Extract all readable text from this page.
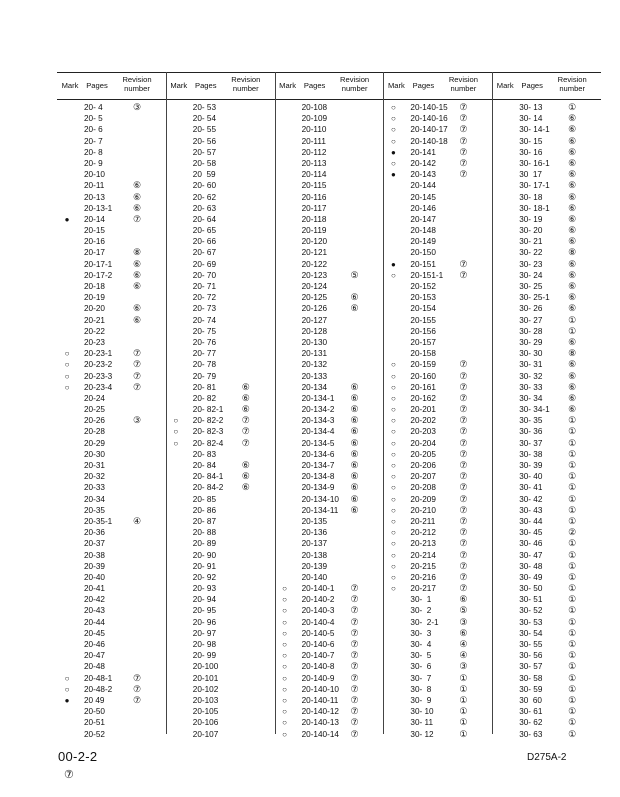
Mark	Pages
Revision
number
20- 4	③
20- 5
20- 6
20- 7
20- 8
20- 9
20-10
20-11	⑥
20-13	⑥
20-13-1 ⑥
●	20-14	⑦
20-15
20-16
20-17	⑧
20-17-1 ⑥
20-17-2 ⑥
20-18	⑥
20-19
20-20	⑥
20-21	⑥
20-22
20-23
○	20-23-1 ⑦
○	20-23-2 ⑦
○	20-23-3 ⑦
○	20-23-4 ⑦
20-24
20-25
20-26	③
20-28
20-29
20-30
20-31
20-32
20-33
20-34
20-35
20-35-1 ④
20-36
20-37
20-38
20-39
20-40
20-41
20-42
20-43
20-44
20-45
20-46
20-47
20-48
○	20-48-1 ⑦
○	20-48-2 ⑦
●	20 49	⑦
20-50
20-51
20-52
Mark	Pages
Revision
number
20- 53
20- 54
20- 55
20- 56
20- 57
20- 58
20  59
20- 60
20- 62
20- 63
20- 64
20- 65
20- 66
20- 67
20- 69
20- 70
20- 71
20- 72
20- 73
20- 74
20- 75
20- 76
20- 77
20- 78
20- 79
20- 81	⑥
20- 82	⑥
20- 82-1 ⑥
○	20- 82-2 ⑦
○	20- 82-3 ⑦
○	20- 82-4 ⑦
20- 83
20- 84	⑥
20- 84-1 ⑥
20- 84-2 ⑥
20- 85
20- 86
20- 87
20- 88
20- 89
20- 90
20- 91
20- 92
20- 93
20- 94
20- 95
20- 96
20- 97
20- 98
20- 99
20-100
20-101
20-102
20-103
20-105
20-106
20-107
Mark	Pages
Revision
number
20-108
20-109
20-110
20-111
20-112
20-113
20-114
20-115
20-116
20-117
20-118
20-119
20-120
20-121
20-122
20-123	⑤
20-124
20-125	⑥
20-126	⑥
20-127
20-128
20-130
20-131
20-132
20-133
20-134	⑥
20-134-1 ⑥
20-134-2 ⑥
20-134-3 ⑥
20-134-4 ⑥
20-134-5 ⑥
20-134-6 ⑥
20-134-7 ⑥
20-134-8 ⑥
20-134-9 ⑥
20-134-10 ⑥
20-134-11 ⑥
20-135
20-136
20-137
20-138
20-139
20-140
○	20-140-1 ⑦
○	20-140-2 ⑦
○	20-140-3 ⑦
○	20-140-4 ⑦
○	20-140-5 ⑦
○	20-140-6 ⑦
○	20-140-7 ⑦
○	20-140-8 ⑦
○	20-140-9 ⑦
○	20-140-10 ⑦
○	20-140-11 ⑦
○	20-140-12 ⑦
○	20-140-13 ⑦
○	20-140-14 ⑦
Mark	Pages
Revision
number
○	20-140-15 ⑦
○	20-140-16 ⑦
○	20-140-17 ⑦
○	20-140-18 ⑦
●	20-141	⑦
○	20-142	⑦
●	20-143	⑦
20-144
20-145
20-146
20-147
20-148
20-149
20-150
●	20-151	⑦
○	20-151-1 ⑦
20-152
20-153
20-154
20-155
20-156
20-157
20-158
○	20-159	⑦
○	20-160	⑦
○	20-161	⑦
○	20-162	⑦
○	20-201	⑦
○	20-202	⑦
○	20-203	⑦
○	20-204	⑦
○	20-205	⑦
○	20-206	⑦
○	20-207	⑦
○	20-208	⑦
○	20-209	⑦
○	20-210	⑦
○	20-211	⑦
○	20-212	⑦
○	20-213	⑦
○	20-214	⑦
○	20-215	⑦
○	20-216	⑦
○	20-217	⑦
30-  1	⑥
30-  2	⑤
30-  2-1 ③
30-  3	⑥
30-  4	④
30-  5	④
30-  6	③
30-  7	①
30-  8	①
30-  9	①
30- 10	①
30- 11	①
30- 12	①
Mark	Pages
Revision
number
30- 13	①
30- 14	⑥
30- 14-1 ⑥
30- 15	⑥
30- 16	⑥
30- 16-1 ⑥
30  17	⑥
30- 17-1 ⑥
30- 18	⑥
30- 18-1 ⑥
30- 19	⑥
30- 20	⑥
30- 21	⑥
30- 22	⑧
30- 23	⑥
30- 24	⑥
30- 25	⑥
30- 25-1 ⑥
30- 26	⑥
30- 27	①
30- 28	①
30- 29	⑥
30- 30	⑧
30- 31	⑥
30- 32	⑥
30- 33	⑥
30- 34	⑥
30- 34-1 ⑥
30- 35	①
30- 36	①
30- 37	①
30- 38	①
30- 39	①
30- 40	①
30- 41	①
30- 42	①
30- 43	①
30- 44	①
30- 45	②
30- 46	①
30- 47	①
30- 48	①
30- 49	①
30- 50	①
30- 51	①
30- 52	①
30- 53	①
30- 54	①
30- 55	①
30- 56	①
30- 57	①
30- 58	①
30- 59	①
30  60	①
30- 61	①
30- 62	①
30- 63	①
00-2-2
⑦
D275A-2
